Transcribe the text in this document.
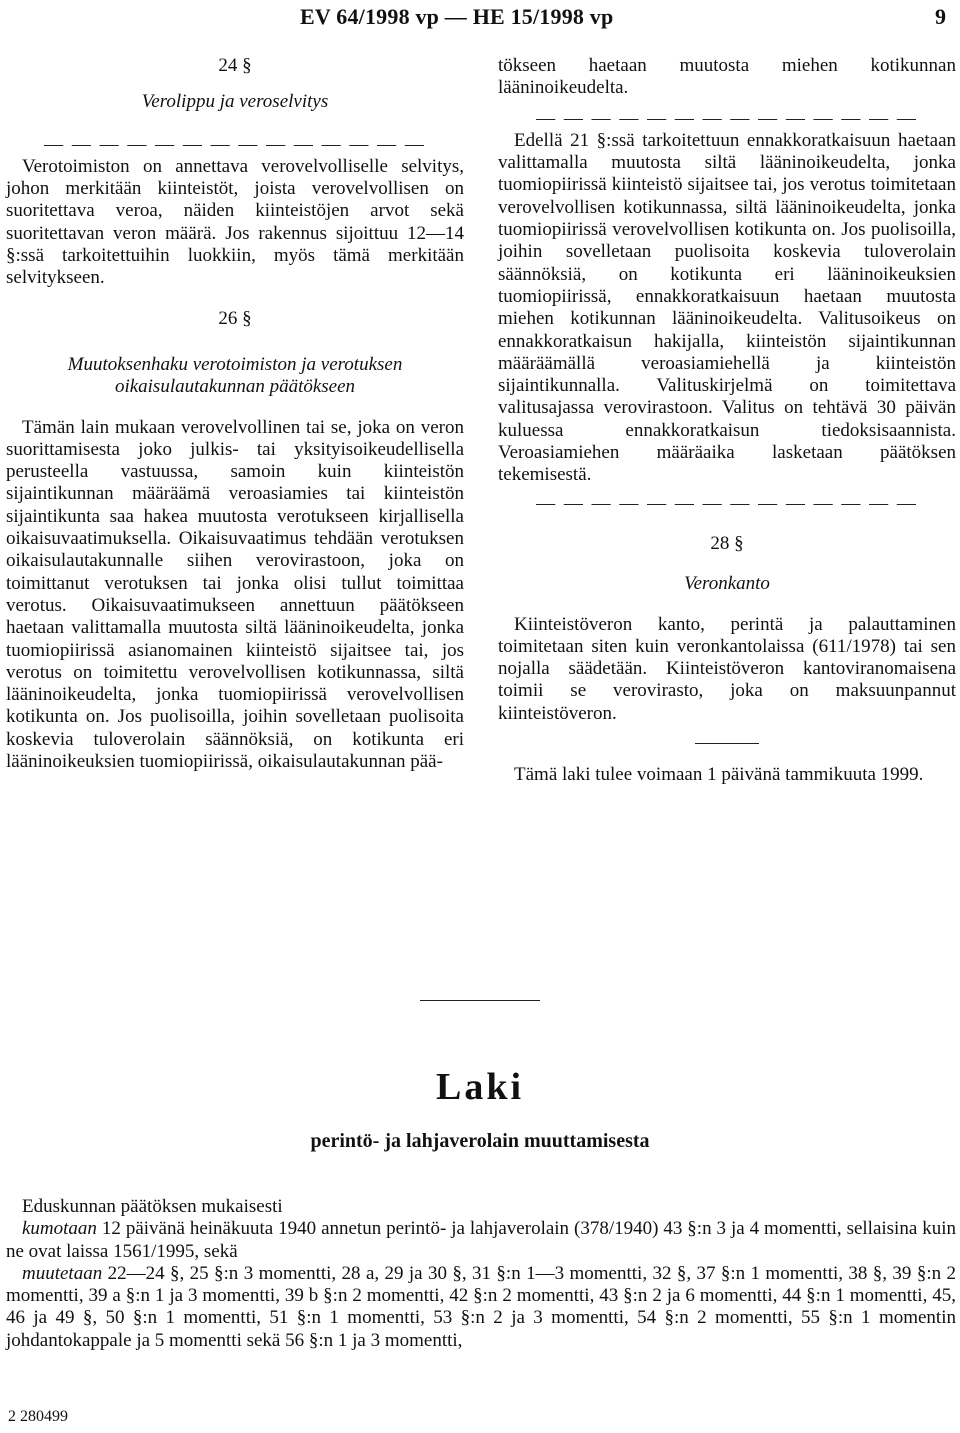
EV 64/1998 vp — HE 15/1998 vp	9

24 §

Verolippu ja veroselvitys

— — — — — — — — — — — — — —

Verotoimiston on annettava verovelvolliselle selvitys, johon merkitään kiinteistöt, joista verovelvollisen on suoritettava veroa, näiden kiinteistöjen arvot sekä suoritettavan veron määrä. Jos rakennus sijoittuu 12—14 §:ssä tarkoitettuihin luokkiin, myös tämä merkitään selvitykseen.

26 §

Muutoksenhaku verotoimiston ja verotuksen

oikaisulautakunnan päätökseen

Tämän lain mukaan verovelvollinen tai se, joka on veron suorittamisesta joko julkis- tai yksityisoikeudellisella perusteella vastuussa, samoin kuin kiinteistön sijaintikunnan määräämä veroasiamies tai kiinteistön sijaintikunta saa hakea muutosta verotukseen kirjallisella oikaisuvaatimuksella. Oikaisuvaatimus tehdään verotuksen oikaisulautakunnalle siihen verovirastoon, joka on toimittanut verotuksen tai jonka olisi tullut toimittaa verotus. Oikaisuvaatimukseen annettuun päätökseen haetaan valittamalla muutosta siltä lääninoikeudelta, jonka tuomiopiirissä asianomainen kiinteistö sijaitsee tai, jos verotus on toimitettu verovelvollisen kotikunnassa, siltä lääninoikeudelta, jonka tuomiopiirissä verovelvollisen kotikunta on. Jos puolisoilla, joihin sovelletaan puolisoita koskevia tuloverolain säännöksiä, on kotikunta eri lääninoikeuksien tuomiopiirissä, oikaisulautakunnan pää-

tökseen haetaan muutosta miehen kotikunnan lääninoikeudelta.

— — — — — — — — — — — — — —

Edellä 21 §:ssä tarkoitettuun ennakkoratkaisuun haetaan valittamalla muutosta siltä lääninoikeudelta, jonka tuomiopiirissä kiinteistö sijaitsee tai, jos verotus toimitetaan verovelvollisen kotikunnassa, siltä lääninoikeudelta, jonka tuomiopiirissä verovelvollisen kotikunta on. Jos puolisoilla, joihin sovelletaan puolisoita koskevia tuloverolain säännöksiä, on kotikunta eri lääninoikeuksien tuomiopiirissä, ennakkoratkaisuun haetaan muutosta miehen kotikunnan lääninoikeudelta. Valitusoikeus on ennakkoratkaisun hakijalla, kiinteistön sijaintikunnan määräämällä veroasiamiehellä ja kiinteistön sijaintikunnalla. Valituskirjelmä on toimitettava valitusajassa verovirastoon. Valitus on tehtävä 30 päivän kuluessa ennakkoratkaisun tiedoksisaannista. Veroasiamiehen määräaika lasketaan päätöksen tekemisestä.

— — — — — — — — — — — — — —

28 §

Veronkanto

Kiinteistöveron kanto, perintä ja palauttaminen toimitetaan siten kuin veronkantolaissa (611/1978) tai sen nojalla säädetään. Kiinteistöveron kantoviranomaisena toimii se verovirasto, joka on maksuunpannut kiinteistöveron.

Tämä laki tulee voimaan 1 päivänä tammikuuta 1999.

Laki
perintö- ja lahjaverolain muuttamisesta

Eduskunnan päätöksen mukaisesti

kumotaan 12 päivänä heinäkuuta 1940 annetun perintö- ja lahjaverolain (378/1940) 43 §:n 3 ja 4 momentti, sellaisina kuin ne ovat laissa 1561/1995, sekä

muutetaan 22—24 §, 25 §:n 3 momentti, 28 a, 29 ja 30 §, 31 §:n 1—3 momentti, 32 §, 37 §:n 1 momentti, 38 §, 39 §:n 2 momentti, 39 a §:n 1 ja 3 momentti, 39 b §:n 2 momentti, 42 §:n 2 momentti, 43 §:n 2 ja 6 momentti, 44 §:n 1 momentti, 45, 46 ja 49 §, 50 §:n 1 momentti, 51 §:n 1 momentti, 53 §:n 2 ja 3 momentti, 54 §:n 2 momentti, 55 §:n 1 momentin johdantokappale ja 5 momentti sekä 56 §:n 1 ja 3 momentti,

2 280499
